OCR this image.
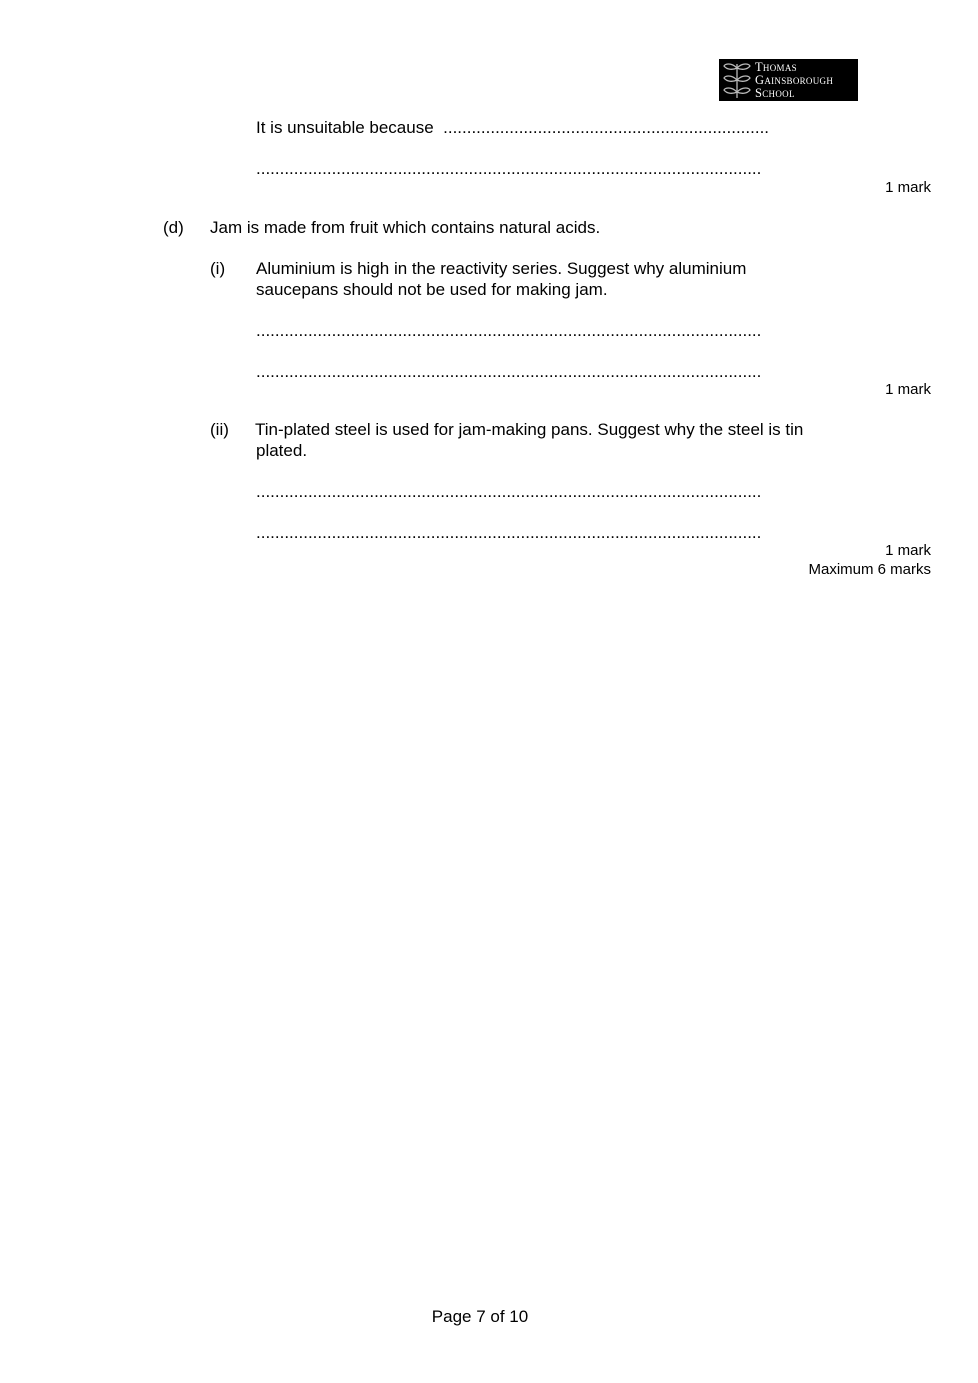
Thomas
Gainsborough
School
It is unsuitable because .....................................................................
...........................................................................................................
1 mark
(d) Jam is made from fruit which contains natural acids.
(i) Aluminium is high in the reactivity series. Suggest why aluminium
saucepans should not be used for making jam.
...........................................................................................................
...........................................................................................................
1 mark
(ii) Tin-plated steel is used for jam-making pans. Suggest why the steel is tin
plated.
...........................................................................................................
...........................................................................................................
1 mark
Maximum 6 marks
Page 7 of 10
